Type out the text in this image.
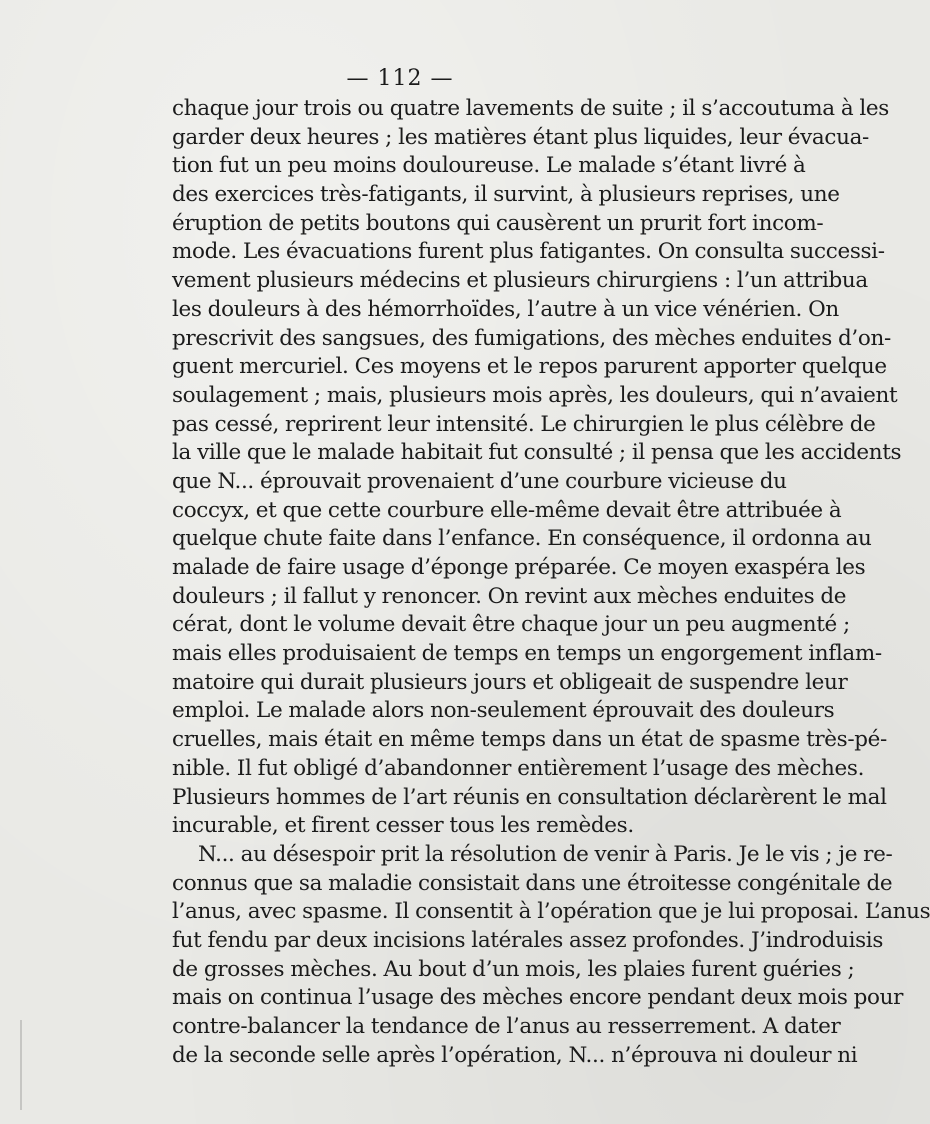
— 112 —
chaque jour trois ou quatre lavements de suite ; il s’accoutuma à les
garder deux heures ; les matières étant plus liquides, leur évacua-
tion fut un peu moins douloureuse. Le malade s’étant livré à
des exercices très-fatigants, il survint, à plusieurs reprises, une
éruption de petits boutons qui causèrent un prurit fort incom-
mode. Les évacuations furent plus fatigantes. On consulta successi-
vement plusieurs médecins et plusieurs chirurgiens : l’un attribua
les douleurs à des hémorrhoïdes, l’autre à un vice vénérien. On
prescrivit des sangsues, des fumigations, des mèches enduites d’on-
guent mercuriel. Ces moyens et le repos parurent apporter quelque
soulagement ; mais, plusieurs mois après, les douleurs, qui n’avaient
pas cessé, reprirent leur intensité. Le chirurgien le plus célèbre de
la ville que le malade habitait fut consulté ; il pensa que les accidents
que N... éprouvait provenaient d’une courbure vicieuse du
coccyx, et que cette courbure elle-même devait être attribuée à
quelque chute faite dans l’enfance. En conséquence, il ordonna au
malade de faire usage d’éponge préparée. Ce moyen exaspéra les
douleurs ; il fallut y renoncer. On revint aux mèches enduites de
cérat, dont le volume devait être chaque jour un peu augmenté ;
mais elles produisaient de temps en temps un engorgement inflam-
matoire qui durait plusieurs jours et obligeait de suspendre leur
emploi. Le malade alors non-seulement éprouvait des douleurs
cruelles, mais était en même temps dans un état de spasme très-pé-
nible. Il fut obligé d’abandonner entièrement l’usage des mèches.
Plusieurs hommes de l’art réunis en consultation déclarèrent le mal
incurable, et firent cesser tous les remèdes.
N... au désespoir prit la résolution de venir à Paris. Je le vis ; je re-
connus que sa maladie consistait dans une étroitesse congénitale de
l’anus, avec spasme. Il consentit à l’opération que je lui proposai. L’anus
fut fendu par deux incisions latérales assez profondes. J’indroduisis
de grosses mèches. Au bout d’un mois, les plaies furent guéries ;
mais on continua l’usage des mèches encore pendant deux mois pour
contre-balancer la tendance de l’anus au resserrement. A dater
de la seconde selle après l’opération, N... n’éprouva ni douleur ni
